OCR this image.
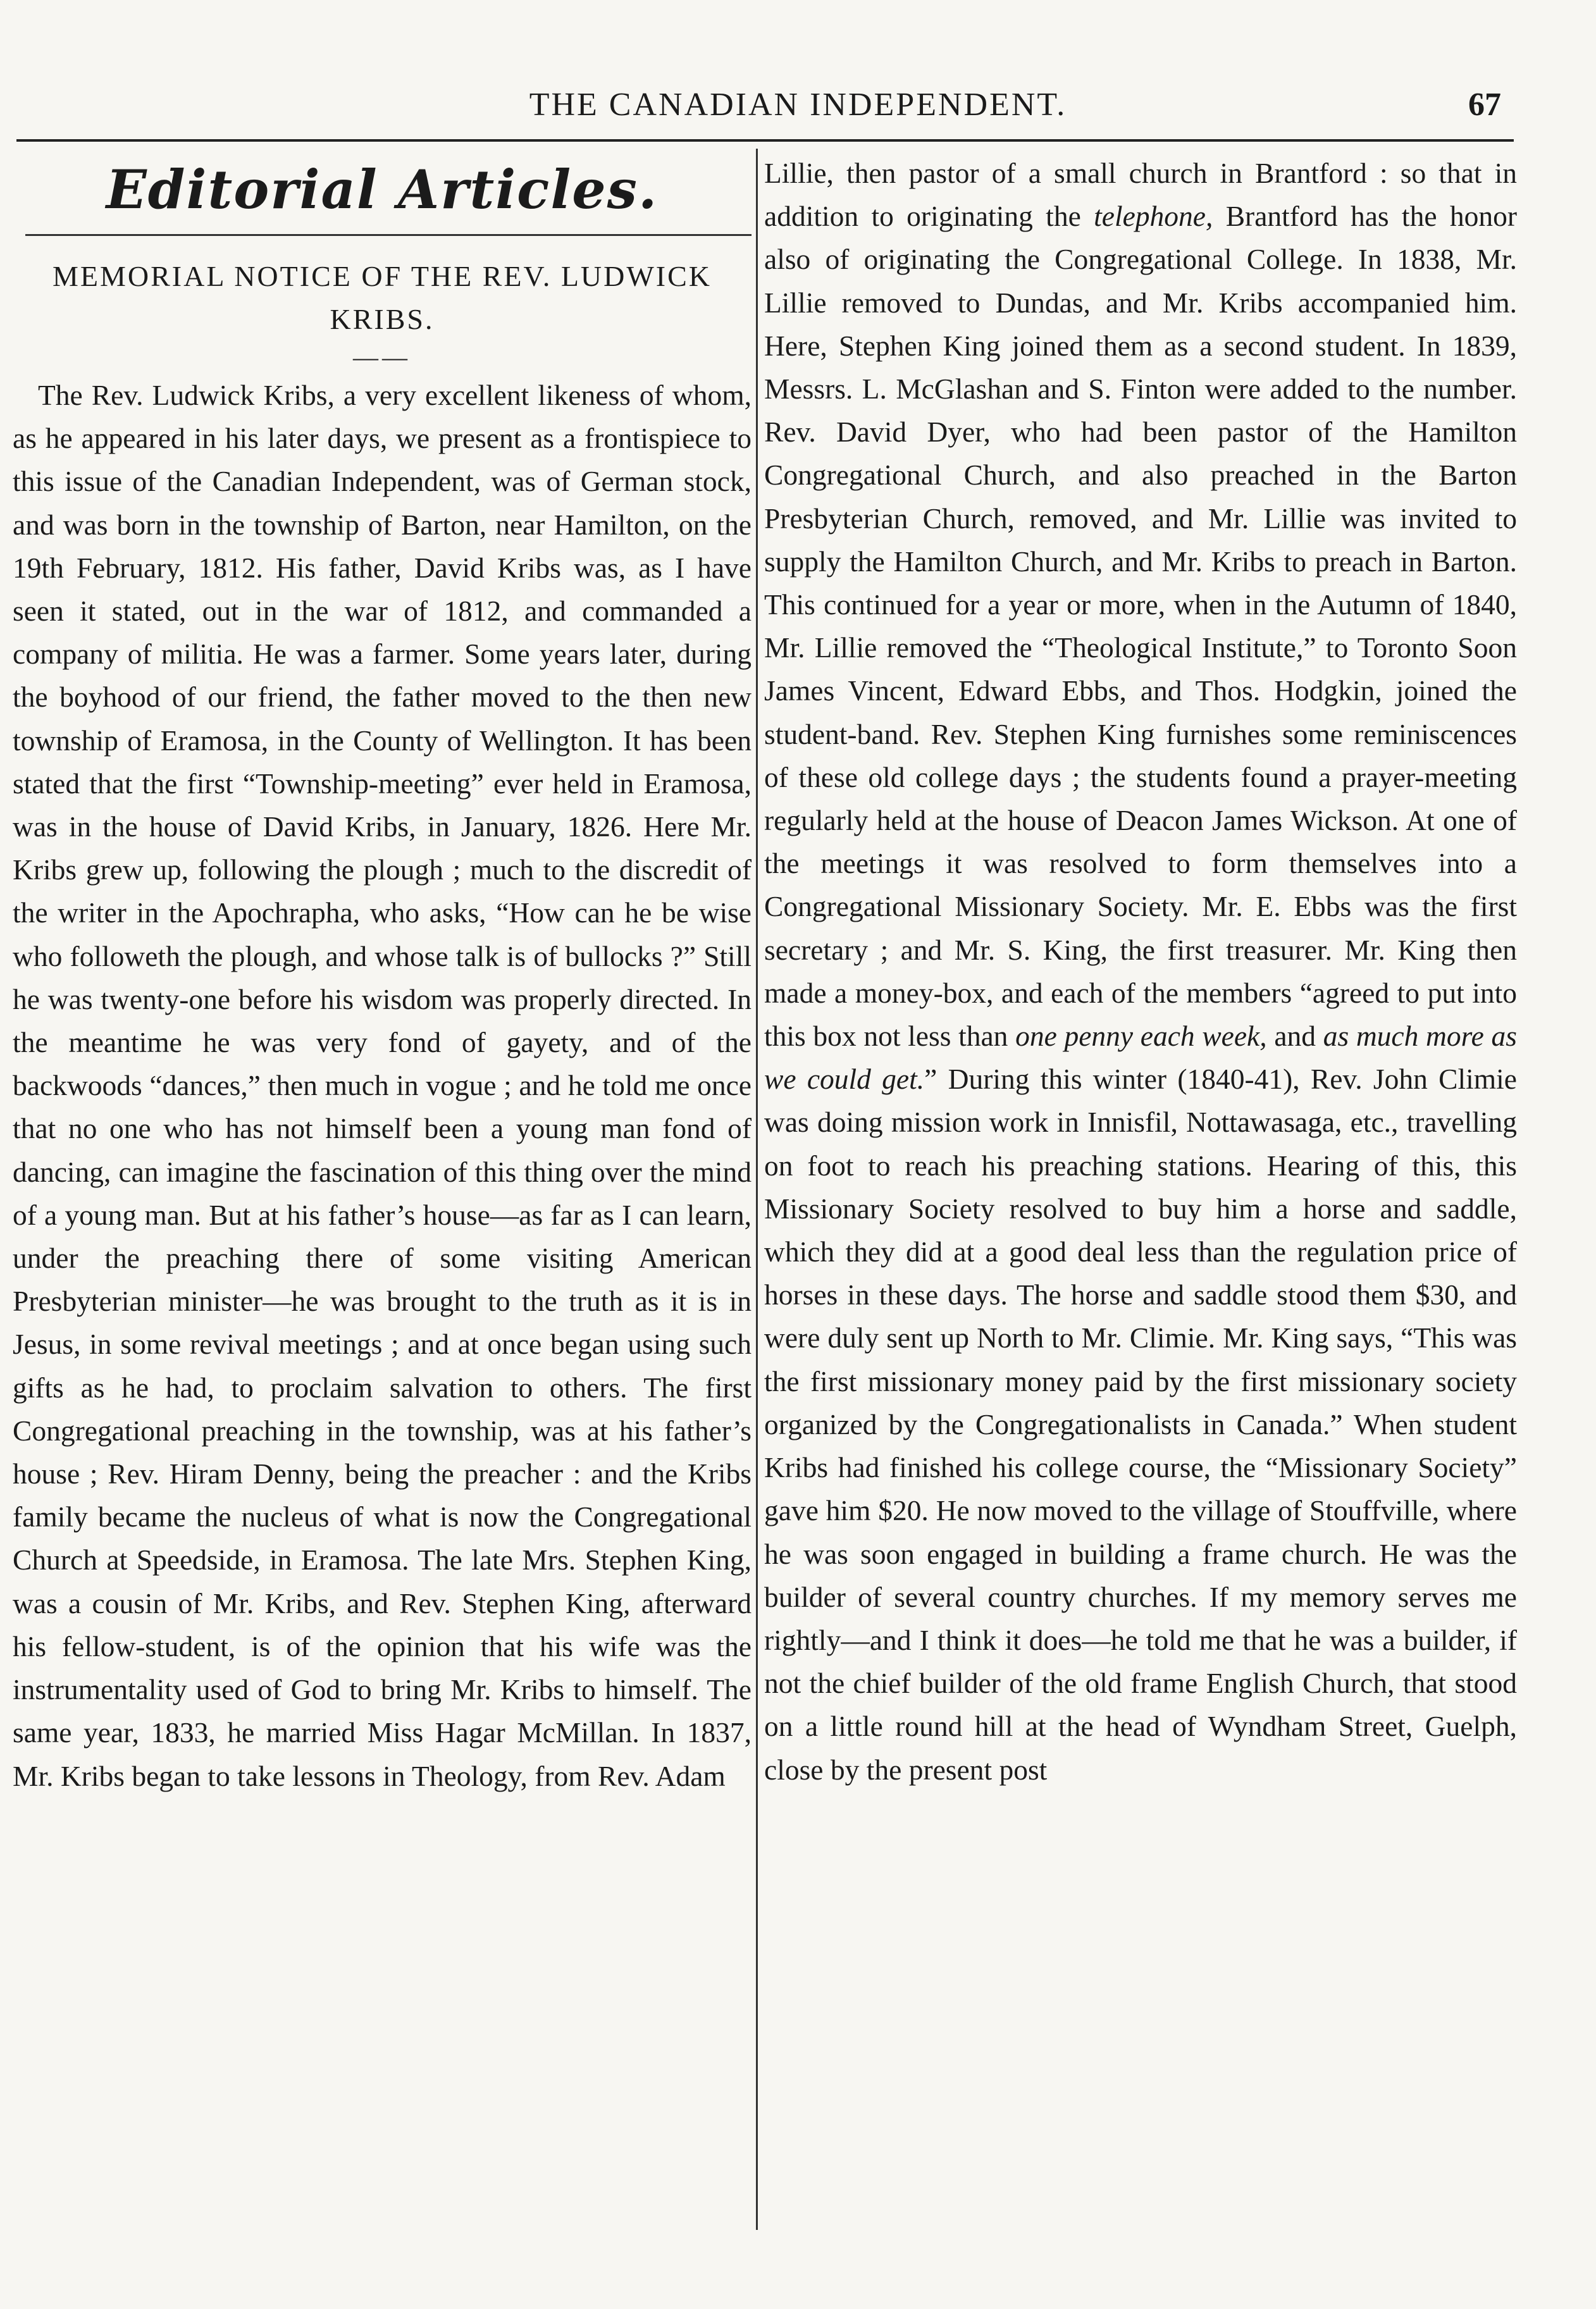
THE CANADIAN INDEPENDENT.	67
Editorial Articles.
MEMORIAL NOTICE OF THE REV. LUDWICK KRIBS.
——

The Rev. Ludwick Kribs, a very excellent likeness of whom, as he appeared in his later days, we present as a frontispiece to this issue of the Canadian Independent, was of German stock, and was born in the township of Barton, near Hamilton, on the 19th February, 1812. His father, David Kribs was, as I have seen it stated, out in the war of 1812, and commanded a company of militia. He was a farmer. Some years later, during the boyhood of our friend, the father moved to the then new township of Eramosa, in the County of Wellington. It has been stated that the first “Township-meeting” ever held in Eramosa, was in the house of David Kribs, in January, 1826. Here Mr. Kribs grew up, following the plough ; much to the discredit of the writer in the Apochrapha, who asks, “How can he be wise who followeth the plough, and whose talk is of bullocks ?” Still he was twenty-one before his wisdom was properly directed. In the meantime he was very fond of gayety, and of the backwoods “dances,” then much in vogue ; and he told me once that no one who has not himself been a young man fond of dancing, can imagine the fascination of this thing over the mind of a young man. But at his father’s house—as far as I can learn, under the preaching there of some visiting American Presbyterian minister—he was brought to the truth as it is in Jesus, in some revival meetings ; and at once began using such gifts as he had, to proclaim salvation to others. The first Congregational preaching in the township, was at his father’s house ; Rev. Hiram Denny, being the preacher : and the Kribs family became the nucleus of what is now the Congregational Church at Speedside, in Eramosa. The late Mrs. Stephen King, was a cousin of Mr. Kribs, and Rev. Stephen King, afterward his fellow-student, is of the opinion that his wife was the instrumentality used of God to bring Mr. Kribs to himself. The same year, 1833, he married Miss Hagar McMillan. In 1837, Mr. Kribs began to take lessons in Theology, from Rev. Adam

Lillie, then pastor of a small church in Brantford : so that in addition to originating the telephone, Brantford has the honor also of originating the Congregational College. In 1838, Mr. Lillie removed to Dundas, and Mr. Kribs accompanied him. Here, Stephen King joined them as a second student. In 1839, Messrs. L. McGlashan and S. Finton were added to the number. Rev. David Dyer, who had been pastor of the Hamilton Congregational Church, and also preached in the Barton Presbyterian Church, removed, and Mr. Lillie was invited to supply the Hamilton Church, and Mr. Kribs to preach in Barton. This continued for a year or more, when in the Autumn of 1840, Mr. Lillie removed the “Theological Institute,” to Toronto Soon James Vincent, Edward Ebbs, and Thos. Hodgkin, joined the student-band. Rev. Stephen King furnishes some reminiscences of these old college days ; the students found a prayer-meeting regularly held at the house of Deacon James Wickson. At one of the meetings it was resolved to form themselves into a Congregational Missionary Society. Mr. E. Ebbs was the first secretary ; and Mr. S. King, the first treasurer. Mr. King then made a money-box, and each of the members “agreed to put into this box not less than one penny each week, and as much more as we could get.” During this winter (1840-41), Rev. John Climie was doing mission work in Innisfil, Nottawasaga, etc., travelling on foot to reach his preaching stations. Hearing of this, this Missionary Society resolved to buy him a horse and saddle, which they did at a good deal less than the regulation price of horses in these days. The horse and saddle stood them $30, and were duly sent up North to Mr. Climie. Mr. King says, “This was the first missionary money paid by the first missionary society organized by the Congregationalists in Canada.” When student Kribs had finished his college course, the “Missionary Society” gave him $20. He now moved to the village of Stouffville, where he was soon engaged in building a frame church. He was the builder of several country churches. If my memory serves me rightly—and I think it does—he told me that he was a builder, if not the chief builder of the old frame English Church, that stood on a little round hill at the head of Wyndham Street, Guelph, close by the present post
